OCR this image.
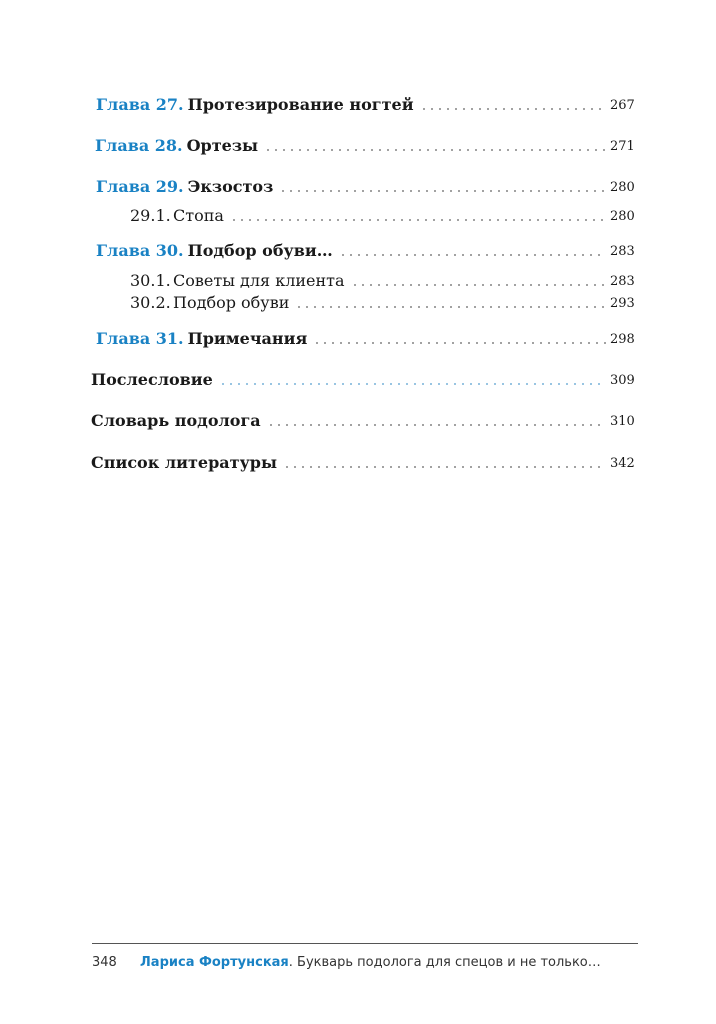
Глава 27. Протезирование ногтей	267
Глава 28. Ортезы	271
Глава 29. Экзостоз	280
29.1. Стопа	280
Глава 30. Подбор обуви…	283
30.1. Советы для клиента	283
30.2. Подбор обуви	293
Глава 31. Примечания	298
Послесловие	309
Словарь подолога	310
Список литературы	342
348 Лариса Фортунская. Букварь подолога для спецов и не только…
